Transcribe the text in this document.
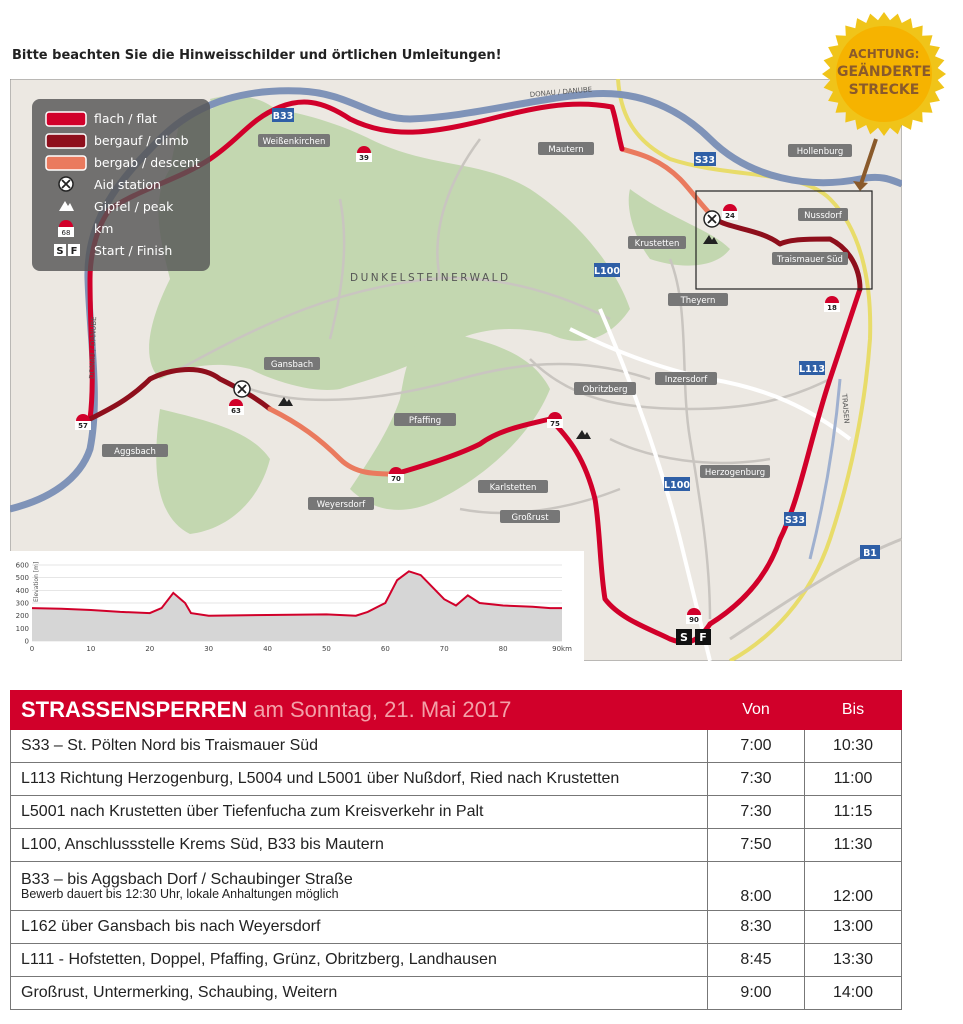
Bitte beachten Sie die Hinweisschilder und örtlichen Umleitungen!
flach / flat
bergauf / climb
bergab / descent
Aid station
Gipfel / peak
68 km
S F Start / Finish
DUNKELSTEINERWALD
DONAU / DANUBE
DONAU / DANUBE
TRAISEN
B33
S33
L100
L113
L100
S33
B1
Weißenkirchen
Mautern	Hollenburg
Nussdorf
Krustetten
Traismauer Süd
Theyern
Inzersdorf
Gansbach
Obritzberg
Pfaffing
Aggsbach
Karlstetten
Herzogenburg
Weyersdorf
Großrust
39
24
18
63
57
70
75
90
S F
Elevation [m]
600
500
400
300
200
100
0
0	10	20	30	40	50	60	70	80	90km
ACHTUNG:
GEÄNDERTE
STRECKE
STRASSENSPERREN am Sonntag, 21. Mai 2017	Von	Bis
S33 – St. Pölten Nord bis Traismauer Süd	7:00	10:30
L113 Richtung Herzogenburg, L5004 und L5001 über Nußdorf, Ried nach Krustetten	7:30	11:00
L5001 nach Krustetten über Tiefenfucha zum Kreisverkehr in Palt	7:30	11:15
L100, Anschlussstelle Krems Süd, B33 bis Mautern	7:50	11:30
B33 – bis Aggsbach Dorf / Schaubinger Straße
Bewerb dauert bis 12:30 Uhr, lokale Anhaltungen möglich	8:00	12:00
L162 über Gansbach bis nach Weyersdorf	8:30	13:00
L111 - Hofstetten, Doppel, Pfaffing, Grünz, Obritzberg, Landhausen	8:45	13:30
Großrust, Untermerking, Schaubing, Weitern	9:00	14:00
